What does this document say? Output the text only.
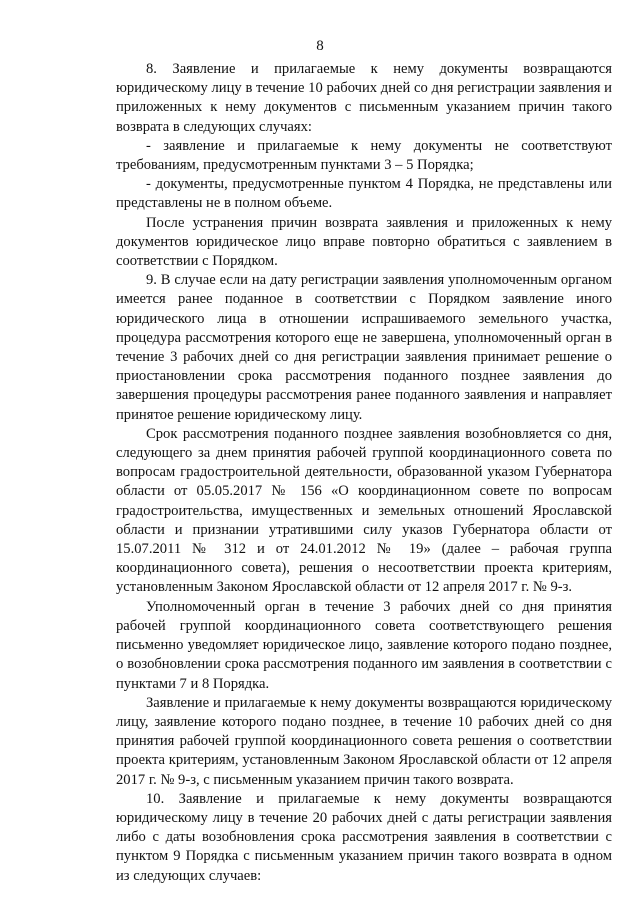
8

8. Заявление и прилагаемые к нему документы возвращаются юридическому лицу в течение 10 рабочих дней со дня регистрации заявления и приложенных к нему документов с письменным указанием причин такого возврата в следующих случаях:

- заявление и прилагаемые к нему документы не соответствуют требованиям, предусмотренным пунктами 3 – 5 Порядка;

- документы, предусмотренные пунктом 4 Порядка, не представлены или представлены не в полном объеме.

После устранения причин возврата заявления и приложенных к нему документов юридическое лицо вправе повторно обратиться с заявлением в соответствии с Порядком.

9. В случае если на дату регистрации заявления уполномоченным органом имеется ранее поданное в соответствии с Порядком заявление иного юридического лица в отношении испрашиваемого земельного участка, процедура рассмотрения которого еще не завершена, уполномоченный орган в течение 3 рабочих дней со дня регистрации заявления принимает решение о приостановлении срока рассмотрения поданного позднее заявления до завершения процедуры рассмотрения ранее поданного заявления и направляет принятое решение юридическому лицу.

Срок рассмотрения поданного позднее заявления возобновляется со дня, следующего за днем принятия рабочей группой координационного совета по вопросам градостроительной деятельности, образованной указом Губернатора области от 05.05.2017 № 156 «О координационном совете по вопросам градостроительства, имущественных и земельных отношений Ярославской области и признании утратившими силу указов Губернатора области от 15.07.2011 № 312 и от 24.01.2012 № 19» (далее – рабочая группа координационного совета), решения о несоответствии проекта критериям, установленным Законом Ярославской области от 12 апреля 2017 г. № 9-з.

Уполномоченный орган в течение 3 рабочих дней со дня принятия рабочей группой координационного совета соответствующего решения письменно уведомляет юридическое лицо, заявление которого подано позднее, о возобновлении срока рассмотрения поданного им заявления в соответствии с пунктами 7 и 8 Порядка.

Заявление и прилагаемые к нему документы возвращаются юридическому лицу, заявление которого подано позднее, в течение 10 рабочих дней со дня принятия рабочей группой координационного совета решения о соответствии проекта критериям, установленным Законом Ярославской области от 12 апреля 2017 г. № 9-з, с письменным указанием причин такого возврата.

10. Заявление и прилагаемые к нему документы возвращаются юридическому лицу в течение 20 рабочих дней с даты регистрации заявления либо с даты возобновления срока рассмотрения заявления в соответствии с пунктом 9 Порядка с письменным указанием причин такого возврата в одном из следующих случаев:
